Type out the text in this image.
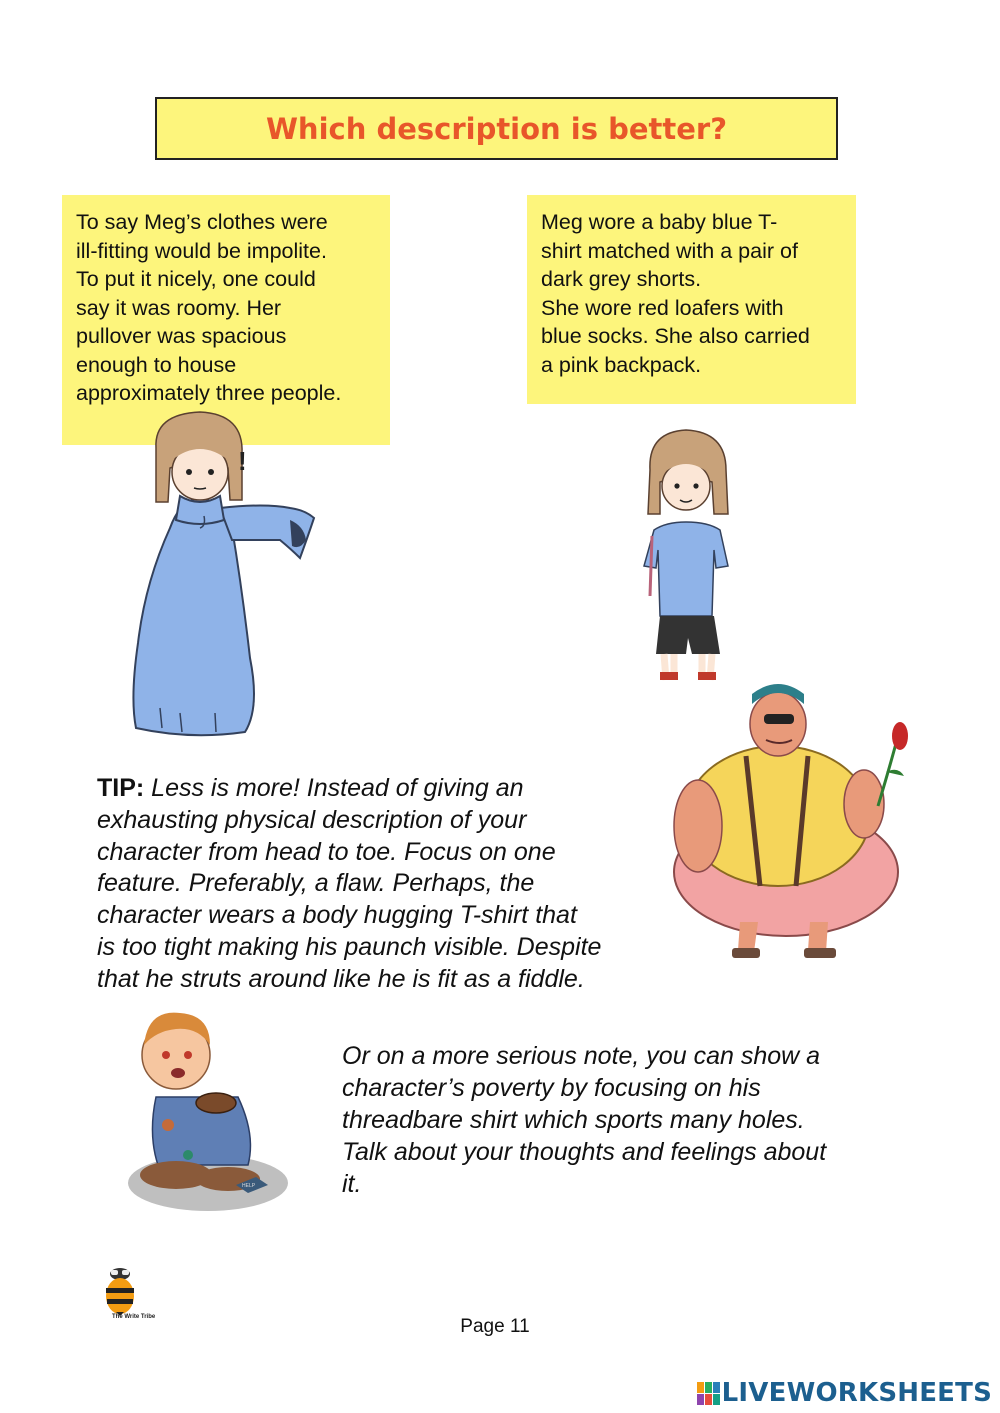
Which description is better?
To say Meg’s clothes were
ill-fitting would be impolite.
To put it nicely, one could
say it was roomy. Her
pullover was spacious
enough to house
approximately three people.
Meg wore a baby blue T-
shirt matched with a pair of
dark grey shorts.
She wore red loafers with
blue socks. She also carried
a pink backpack.
!
HELP
TIP: Less is more! Instead of giving an
exhausting physical description of your
character from head to toe. Focus on one
feature. Preferably, a flaw. Perhaps, the
character wears a body hugging T-shirt that
is too tight making his paunch visible. Despite
that he struts around like he is fit as a fiddle.
Or on a more serious note, you can show a
character’s poverty by focusing on his
threadbare shirt which sports many holes.
Talk about your thoughts and feelings about
it.
The Write Tribe	Page 11
LIVEWORKSHEETS
